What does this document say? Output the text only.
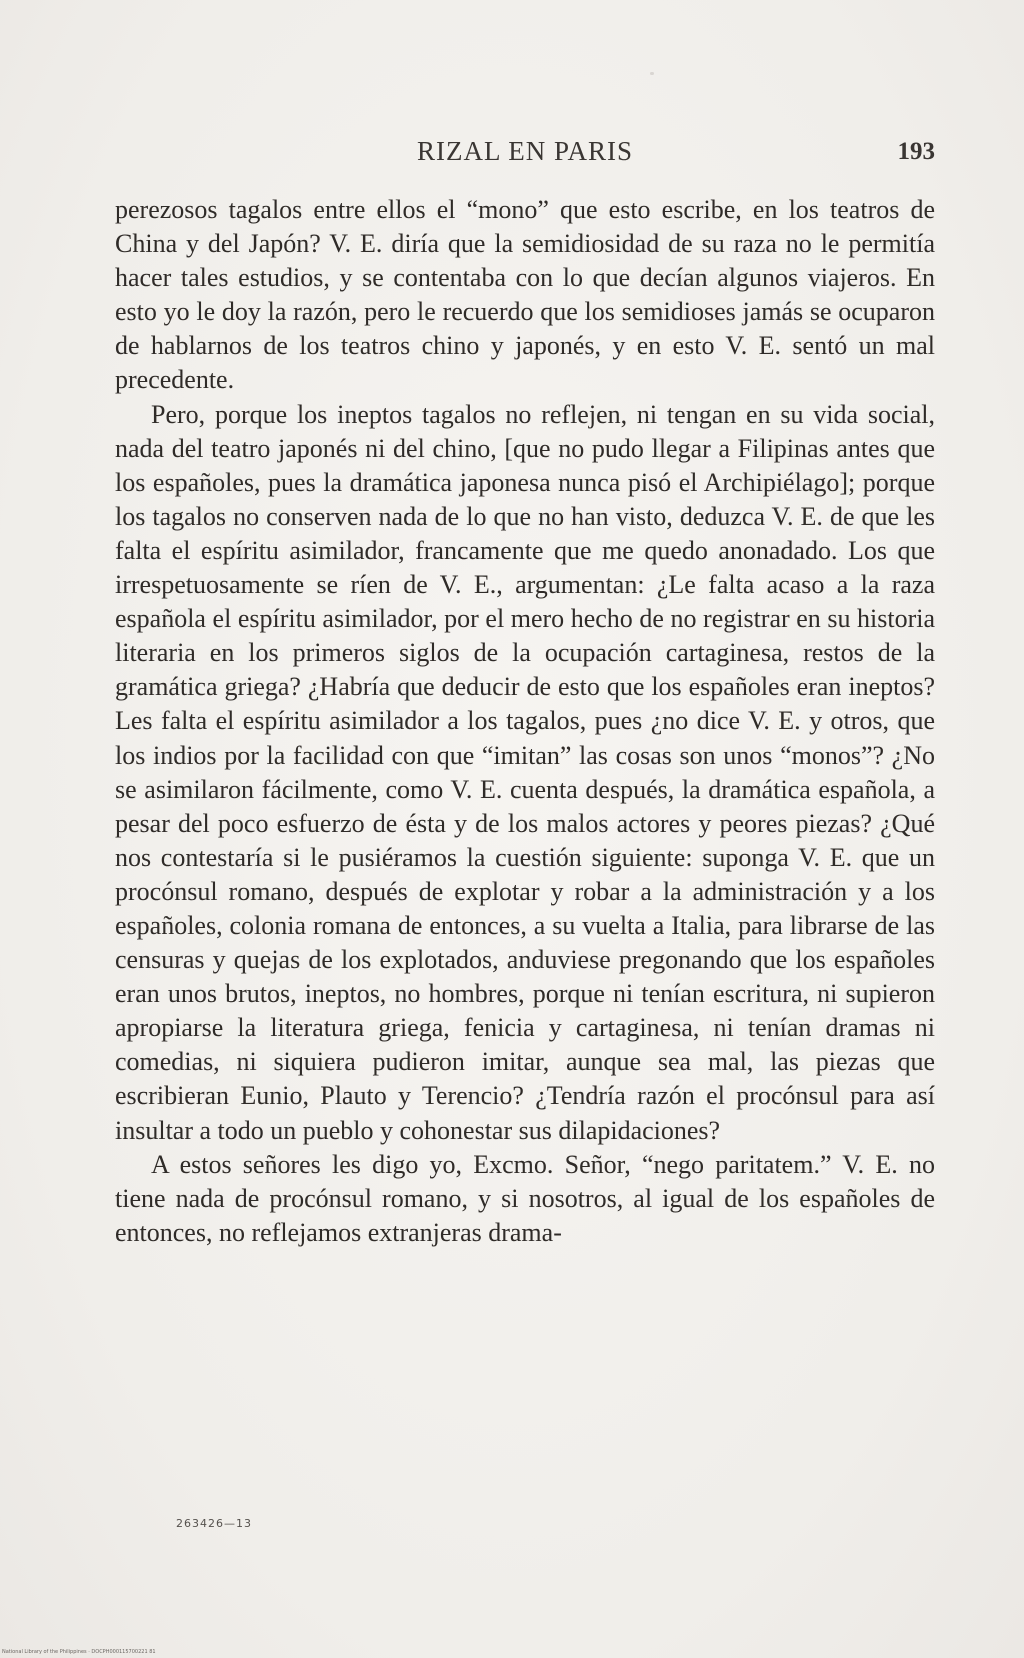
RIZAL EN PARIS	193

perezosos tagalos entre ellos el “mono” que esto escribe, en los teatros de China y del Japón? V. E. diría que la semidiosidad de su raza no le permitía hacer tales estudios, y se contentaba con lo que decían algunos viajeros. En esto yo le doy la razón, pero le recuerdo que los semidioses jamás se ocuparon de hablarnos de los teatros chino y japonés, y en esto V. E. sentó un mal precedente.

Pero, porque los ineptos tagalos no reflejen, ni tengan en su vida social, nada del teatro japonés ni del chino, [que no pudo llegar a Filipinas antes que los españoles, pues la dramática japonesa nunca pisó el Archipiélago]; porque los tagalos no conserven nada de lo que no han visto, deduzca V. E. de que les falta el espíritu asimilador, francamente que me quedo anonadado. Los que irrespetuosamente se ríen de V. E., argumentan: ¿Le falta acaso a la raza española el espíritu asimilador, por el mero hecho de no registrar en su historia literaria en los primeros siglos de la ocupación cartaginesa, restos de la gramática griega? ¿Habría que deducir de esto que los españoles eran ineptos? Les falta el espíritu asimilador a los tagalos, pues ¿no dice V. E. y otros, que los indios por la facilidad con que “imitan” las cosas son unos “monos”? ¿No se asimilaron fácilmente, como V. E. cuenta después, la dramática española, a pesar del poco esfuerzo de ésta y de los malos actores y peores piezas? ¿Qué nos contestaría si le pusiéramos la cuestión siguiente: suponga V. E. que un procónsul romano, después de explotar y robar a la administración y a los españoles, colonia romana de entonces, a su vuelta a Italia, para librarse de las censuras y quejas de los explotados, anduviese pregonando que los españoles eran unos brutos, ineptos, no hombres, porque ni tenían escritura, ni supieron apropiarse la literatura griega, fenicia y cartaginesa, ni tenían dramas ni comedias, ni siquiera pudieron imitar, aunque sea mal, las piezas que escribieran Eunio, Plauto y Terencio? ¿Tendría razón el procónsul para así insultar a todo un pueblo y cohonestar sus dilapidaciones?

A estos señores les digo yo, Excmo. Señor, “nego paritatem.” V. E. no tiene nada de procónsul romano, y si nosotros, al igual de los españoles de entonces, no reflejamos extranjeras drama-

263426—13
National Library of the Philippines · DOCPH000115700221 81
